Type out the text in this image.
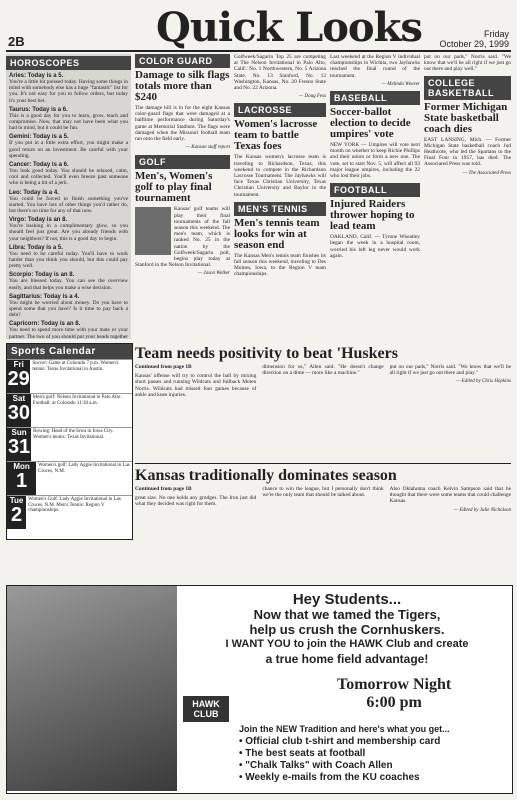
2B	Quick Looks	Friday
October 29, 1999
HOROSCOPES
Aries: Today is a 5.

You're a little bit pressed today. Having some things in mind with somebody else has a huge "fantastic" list for you. It's not easy for you to follow orders, but today it's your best bet.

Taurus: Today is a 6.

This is a good day for you to learn, grow, teach and compromise. Now, that may not have been what you had in mind, but it could be fun.

Gemini: Today is a 5.

If you put in a little extra effort, you might make a good return on an investment. Be careful with your spending.

Cancer: Today is a 6.

You look good today. You should be relaxed, calm, cool and collected. You'll even breeze past someone who is being a bit of a jerk.

Leo: Today is a 4.

You could be forced to finish something you've started. You have lots of other things you'd rather do, but there's no time for any of that now.

Virgo: Today is an 8.

You're basking in a complimentary glow, so you should feel just great. Are you already friends with your neighbors? If not, this is a good day to begin.

Libra: Today is a 5.

You need to be careful today. You'll have to work harder than you think you should, but this could pay pretty well.

Scorpio: Today is an 8.

You are blessed today. You can see the overview easily, and that helps you make a wise decision.

Sagittarius: Today is a 4.

You might be worried about money. Do you have to spend some that you have? Is it time to pay back a debt?

Capricorn: Today is an 8.

You need to spend more time with your mate or your partner. The two of you should put your heads together

COLOR GUARD
Damage to silk flags totals more than $240

The damage bill is in for the eight Kansas color-guard flags that were damaged at a halftime performance during Saturday's game at Memorial Stadium. The flags were damaged when the Missouri football team ran onto the field early.

— Kansan staff report

GOLF
Men's, Women's golf to play final tournament

Kansas' golf teams will play their final tournaments of the fall season this weekend. The men's team, which is ranked No. 25 in the nation by the Golfweek/Sagarin poll, begins play today at Stanford in the Nelson Invitational.

— Jason Welker

Golfweek/Sagarin Top 25 are competing at The Nelson Invitational in Palo Alto, Calif.: No. 1 Northwestern, No. 5 Arizona State, No. 13 Stanford, No. 13 Washington, Kansas, No. 20 Fresno State and No. 22 Arizona.

— Doug Fess

LACROSSE
Women's lacrosse team to battle Texas foes

The Kansas women's lacrosse team is traveling to Richardson, Texas, this weekend to compete in the Richardson Lacrosse Tournament. The Jayhawks will face Texas Christian University, Texas Christian University and Baylor in the tournament.

MEN'S TENNIS
Men's tennis team looks for win at season end

The Kansas Men's tennis team finishes its fall season this weekend, traveling to Des Moines, Iowa, to the Region V team championships.

Last weekend at the Region V individual championships in Wichita, two Jayhawks reached the final round of the tournament.

— Melinda Weaver

BASEBALL
Soccer-ballot election to decide umpires' vote

NEW YORK — Umpires will vote next month on whether to keep Richie Phillips and their union or form a new one. The vote, set to start Nov. 5, will affect all 93 major league umpires, including the 22 who lost their jobs.

FOOTBALL
Injured Raiders thrower hoping to lead team

OAKLAND, Calif. — Tyrone Wheatley began the week in a hospital room, worried his left leg never would work again.

put on our pads," Norris said. "We know that we'll be all right if we just go out there and play well."

COLLEGE BASKETBALL
Former Michigan State basketball coach dies

EAST LANSING, Mich. — Former Michigan State basketball coach Jud Heathcote, who led the Spartans to the Final Four in 1957, has died. The Associated Press was told.

— The Associated Press

Sports Calendar
Fri
29
Soccer: Game at Colorado 7 p.m. Women's tennis: Texas Invitational in Austin.
Sat
30
Men's golf: Nelson Invitational in Palo Alto. Football: at Colorado 11:30 a.m.
Sun
31
Rowing: Head of the Iowa in Iowa City. Women's tennis: Texas Invitational.
Mon
1
Women's golf: Lady Aggie Invitational in Las Cruces, N.M.
Tue
2
Women's Golf: Lady Aggie Invitational in Las Cruces, N.M. Men's Tennis: Region V championships.
Team needs positivity to beat 'Huskers

Continued from page 1B

Kansas' offense will try to control the ball by mixing short passes and running Wildcats and fullback Moten Norris. Wildcats had missed four games because of ankle and knee injuries.

dimension for us," Allen said. "He doesn't change direction on a dime — more like a machine."

put on our pads," Norris said. "We know that we'll be all right if we just go out there and play."

— Edited by Chris Hopkins

Kansas traditionally dominates season

Continued from page 1B

great size. No one holds any grudges. The Iron just did what they decided was right for them.

chance to win the league, but I personally don't think we're the only team that should be talked about.

Also Oklahoma coach Kelvin Sampson said that he thought that there were some teams that could challenge Kansas.

— Edited by Julie Nicholson

HAWK CLUB
Hey Students...
Now that we tamed the Tigers,
help us crush the Cornhuskers.
I WANT YOU to join the HAWK Club and create
a true home field advantage!
Tomorrow Night
6:00 pm
Join the NEW Tradition and here's what you get...
• Official club t-shirt and membership card
• The best seats at football
• "Chalk Talks" with Coach Allen
• Weekly e-mails from the KU coaches
